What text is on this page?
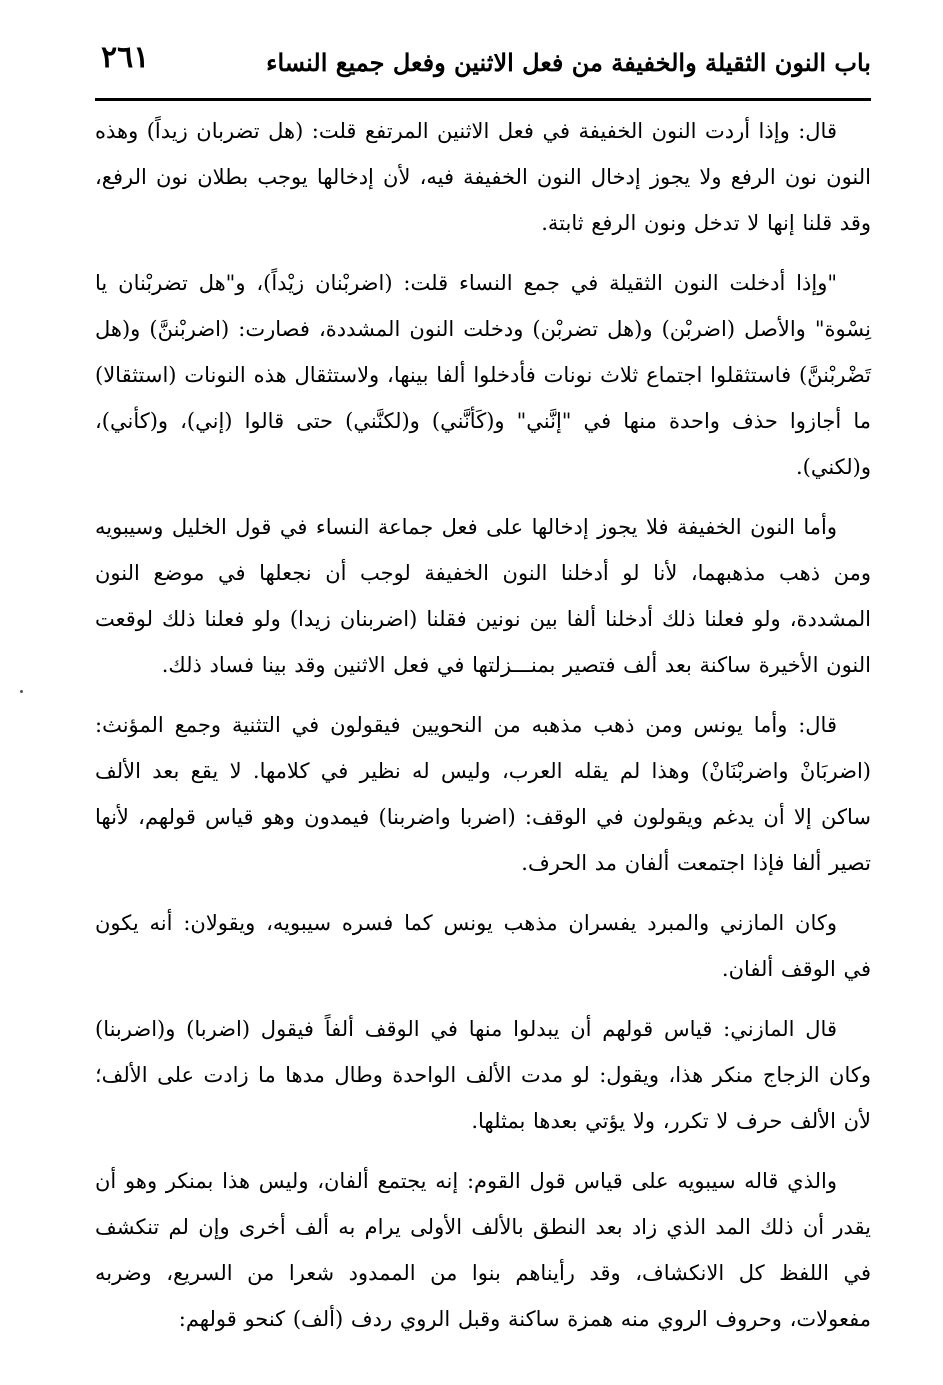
باب النون الثقيلة والخفيفة من فعل الاثنين وفعل جميع النساء
٢٦١

قال: وإذا أردت النون الخفيفة في فعل الاثنين المرتفع قلت: (هل تضربان زيداً) وهذه النون نون الرفع ولا يجوز إدخال النون الخفيفة فيه، لأن إدخالها يوجب بطلان نون الرفع، وقد قلنا إنها لا تدخل ونون الرفع ثابتة.

"وإذا أدخلت النون الثقيلة في جمع النساء قلت: (اضربْنان زيْداً)، و"هل تضربْنان يا نِسْوة" والأصل (اضربْن) و(هل تضربْن) ودخلت النون المشددة، فصارت: (اضربْننَّ) و(هل تَضْربْننَّ) فاستثقلوا اجتماع ثلاث نونات فأدخلوا ألفا بينها، ولاستثقال هذه النونات (استثقالا) ما أجازوا حذف واحدة منها في "إنَّني" و(كَأنَّني) و(لكنَّني) حتى قالوا (إني)، و(كأني)، و(لكني).

وأما النون الخفيفة فلا يجوز إدخالها على فعل جماعة النساء في قول الخليل وسيبويه ومن ذهب مذهبهما، لأنا لو أدخلنا النون الخفيفة لوجب أن نجعلها في موضع النون المشددة، ولو فعلنا ذلك أدخلنا ألفا بين نونين فقلنا (اضربنان زيدا) ولو فعلنا ذلك لوقعت النون الأخيرة ساكنة بعد ألف فتصير بمنـــزلتها في فعل الاثنين وقد بينا فساد ذلك.

قال: وأما يونس ومن ذهب مذهبه من النحويين فيقولون في التثنية وجمع المؤنث: (اضربَانْ واضربْنَانْ) وهذا لم يقله العرب، وليس له نظير في كلامها. لا يقع بعد الألف ساكن إلا أن يدغم ويقولون في الوقف: (اضربا واضربنا) فيمدون وهو قياس قولهم، لأنها تصير ألفا فإذا اجتمعت ألفان مد الحرف.

وكان المازني والمبرد يفسران مذهب يونس كما فسره سيبويه، ويقولان: أنه يكون في الوقف ألفان.

قال المازني: قياس قولهم أن يبدلوا منها في الوقف ألفاً فيقول (اضربا) و(اضربنا) وكان الزجاج منكر هذا، ويقول: لو مدت الألف الواحدة وطال مدها ما زادت على الألف؛ لأن الألف حرف لا تكرر، ولا يؤتي بعدها بمثلها.

والذي قاله سيبويه على قياس قول القوم: إنه يجتمع ألفان، وليس هذا بمنكر وهو أن يقدر أن ذلك المد الذي زاد بعد النطق بالألف الأولى يرام به ألف أخرى وإن لم تنكشف في اللفظ كل الانكشاف، وقد رأيناهم بنوا من الممدود شعرا من السريع، وضربه مفعولات، وحروف الروي منه همزة ساكنة وقبل الروي ردف (ألف) كنحو قولهم:
